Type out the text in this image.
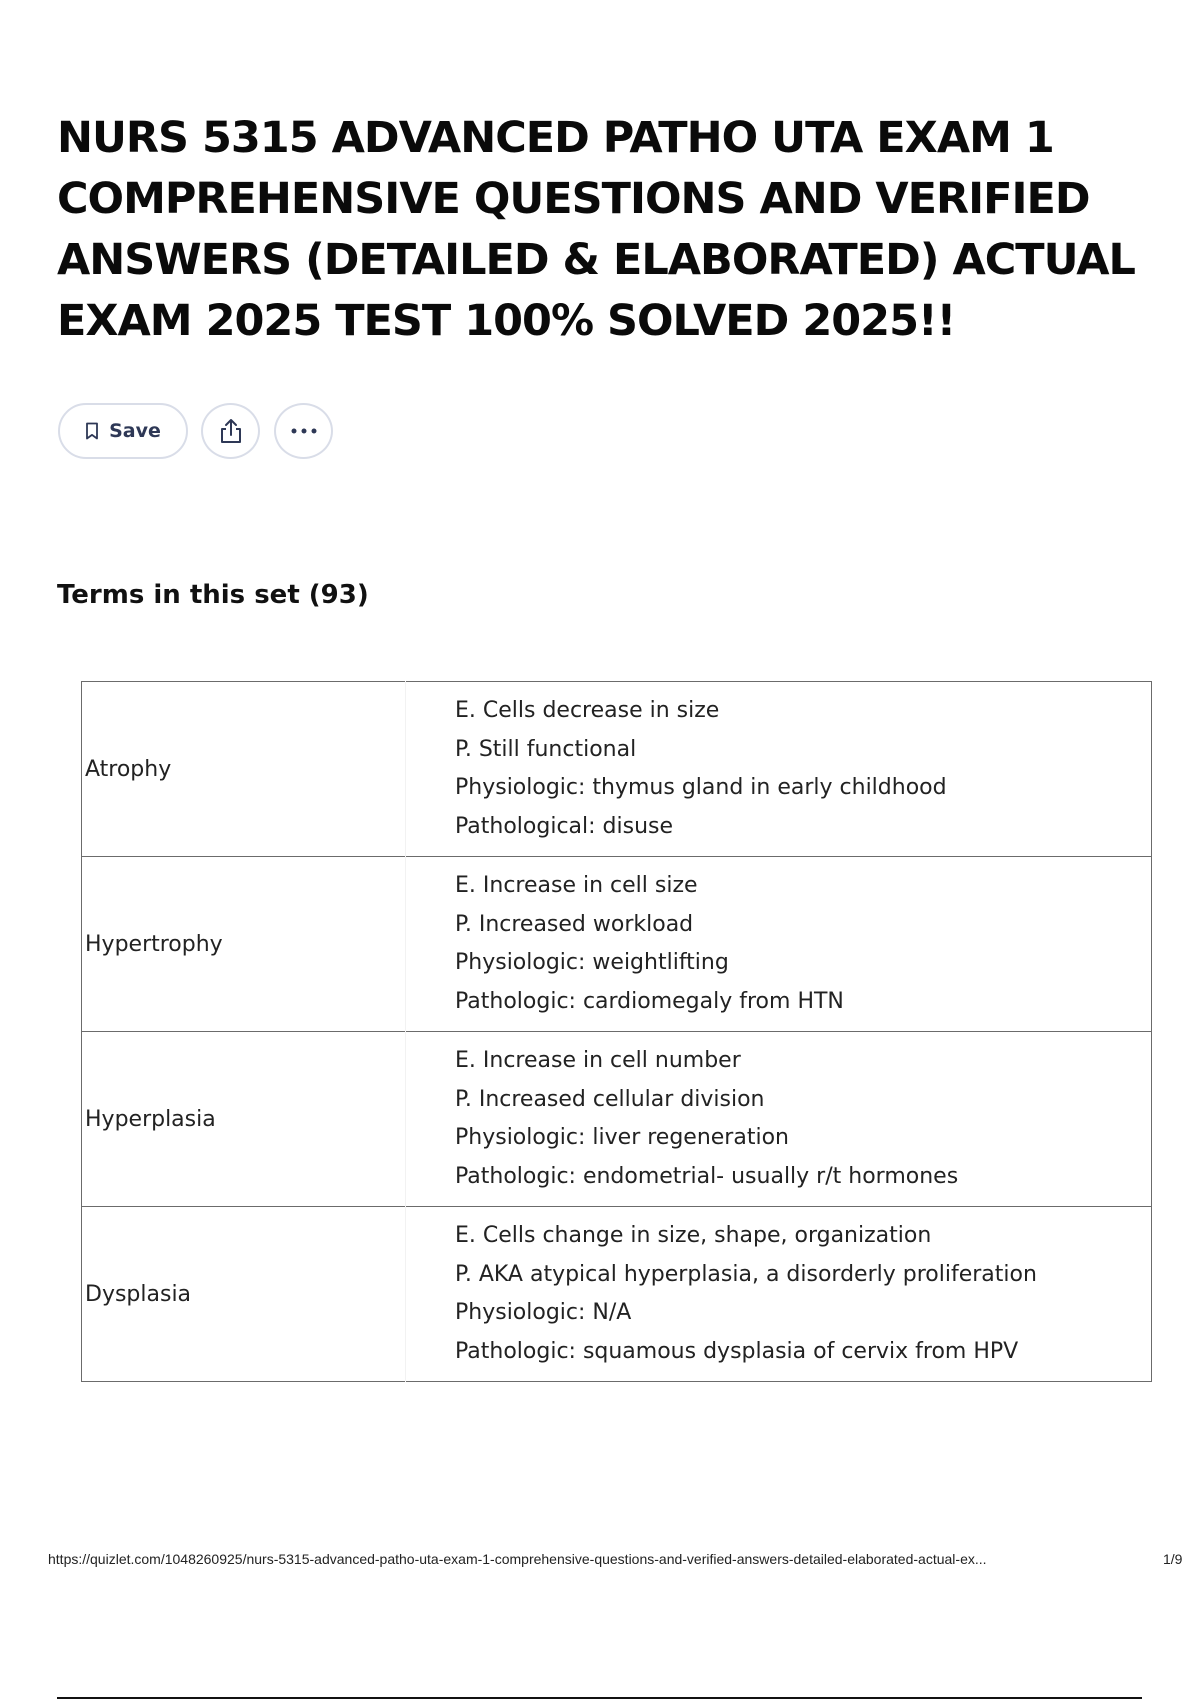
NURS 5315 ADVANCED PATHO UTA EXAM 1 COMPREHENSIVE QUESTIONS AND VERIFIED ANSWERS (DETAILED & ELABORATED) ACTUAL EXAM 2025 TEST 100% SOLVED 2025!!
Save
Terms in this set (93)
Atrophy	E. Cells decrease in size
P. Still functional
Physiologic: thymus gland in early childhood
Pathological: disuse

Hypertrophy	E. Increase in cell size
P. Increased workload
Physiologic: weightlifting
Pathologic: cardiomegaly from HTN

Hyperplasia	E. Increase in cell number
P. Increased cellular division
Physiologic: liver regeneration
Pathologic: endometrial- usually r/t hormones

Dysplasia	E. Cells change in size, shape, organization
P. AKA atypical hyperplasia, a disorderly proliferation
Physiologic: N/A
Pathologic: squamous dysplasia of cervix from HPV
https://quizlet.com/1048260925/nurs-5315-advanced-patho-uta-exam-1-comprehensive-questions-and-verified-answers-detailed-elaborated-actual-ex...	1/9
